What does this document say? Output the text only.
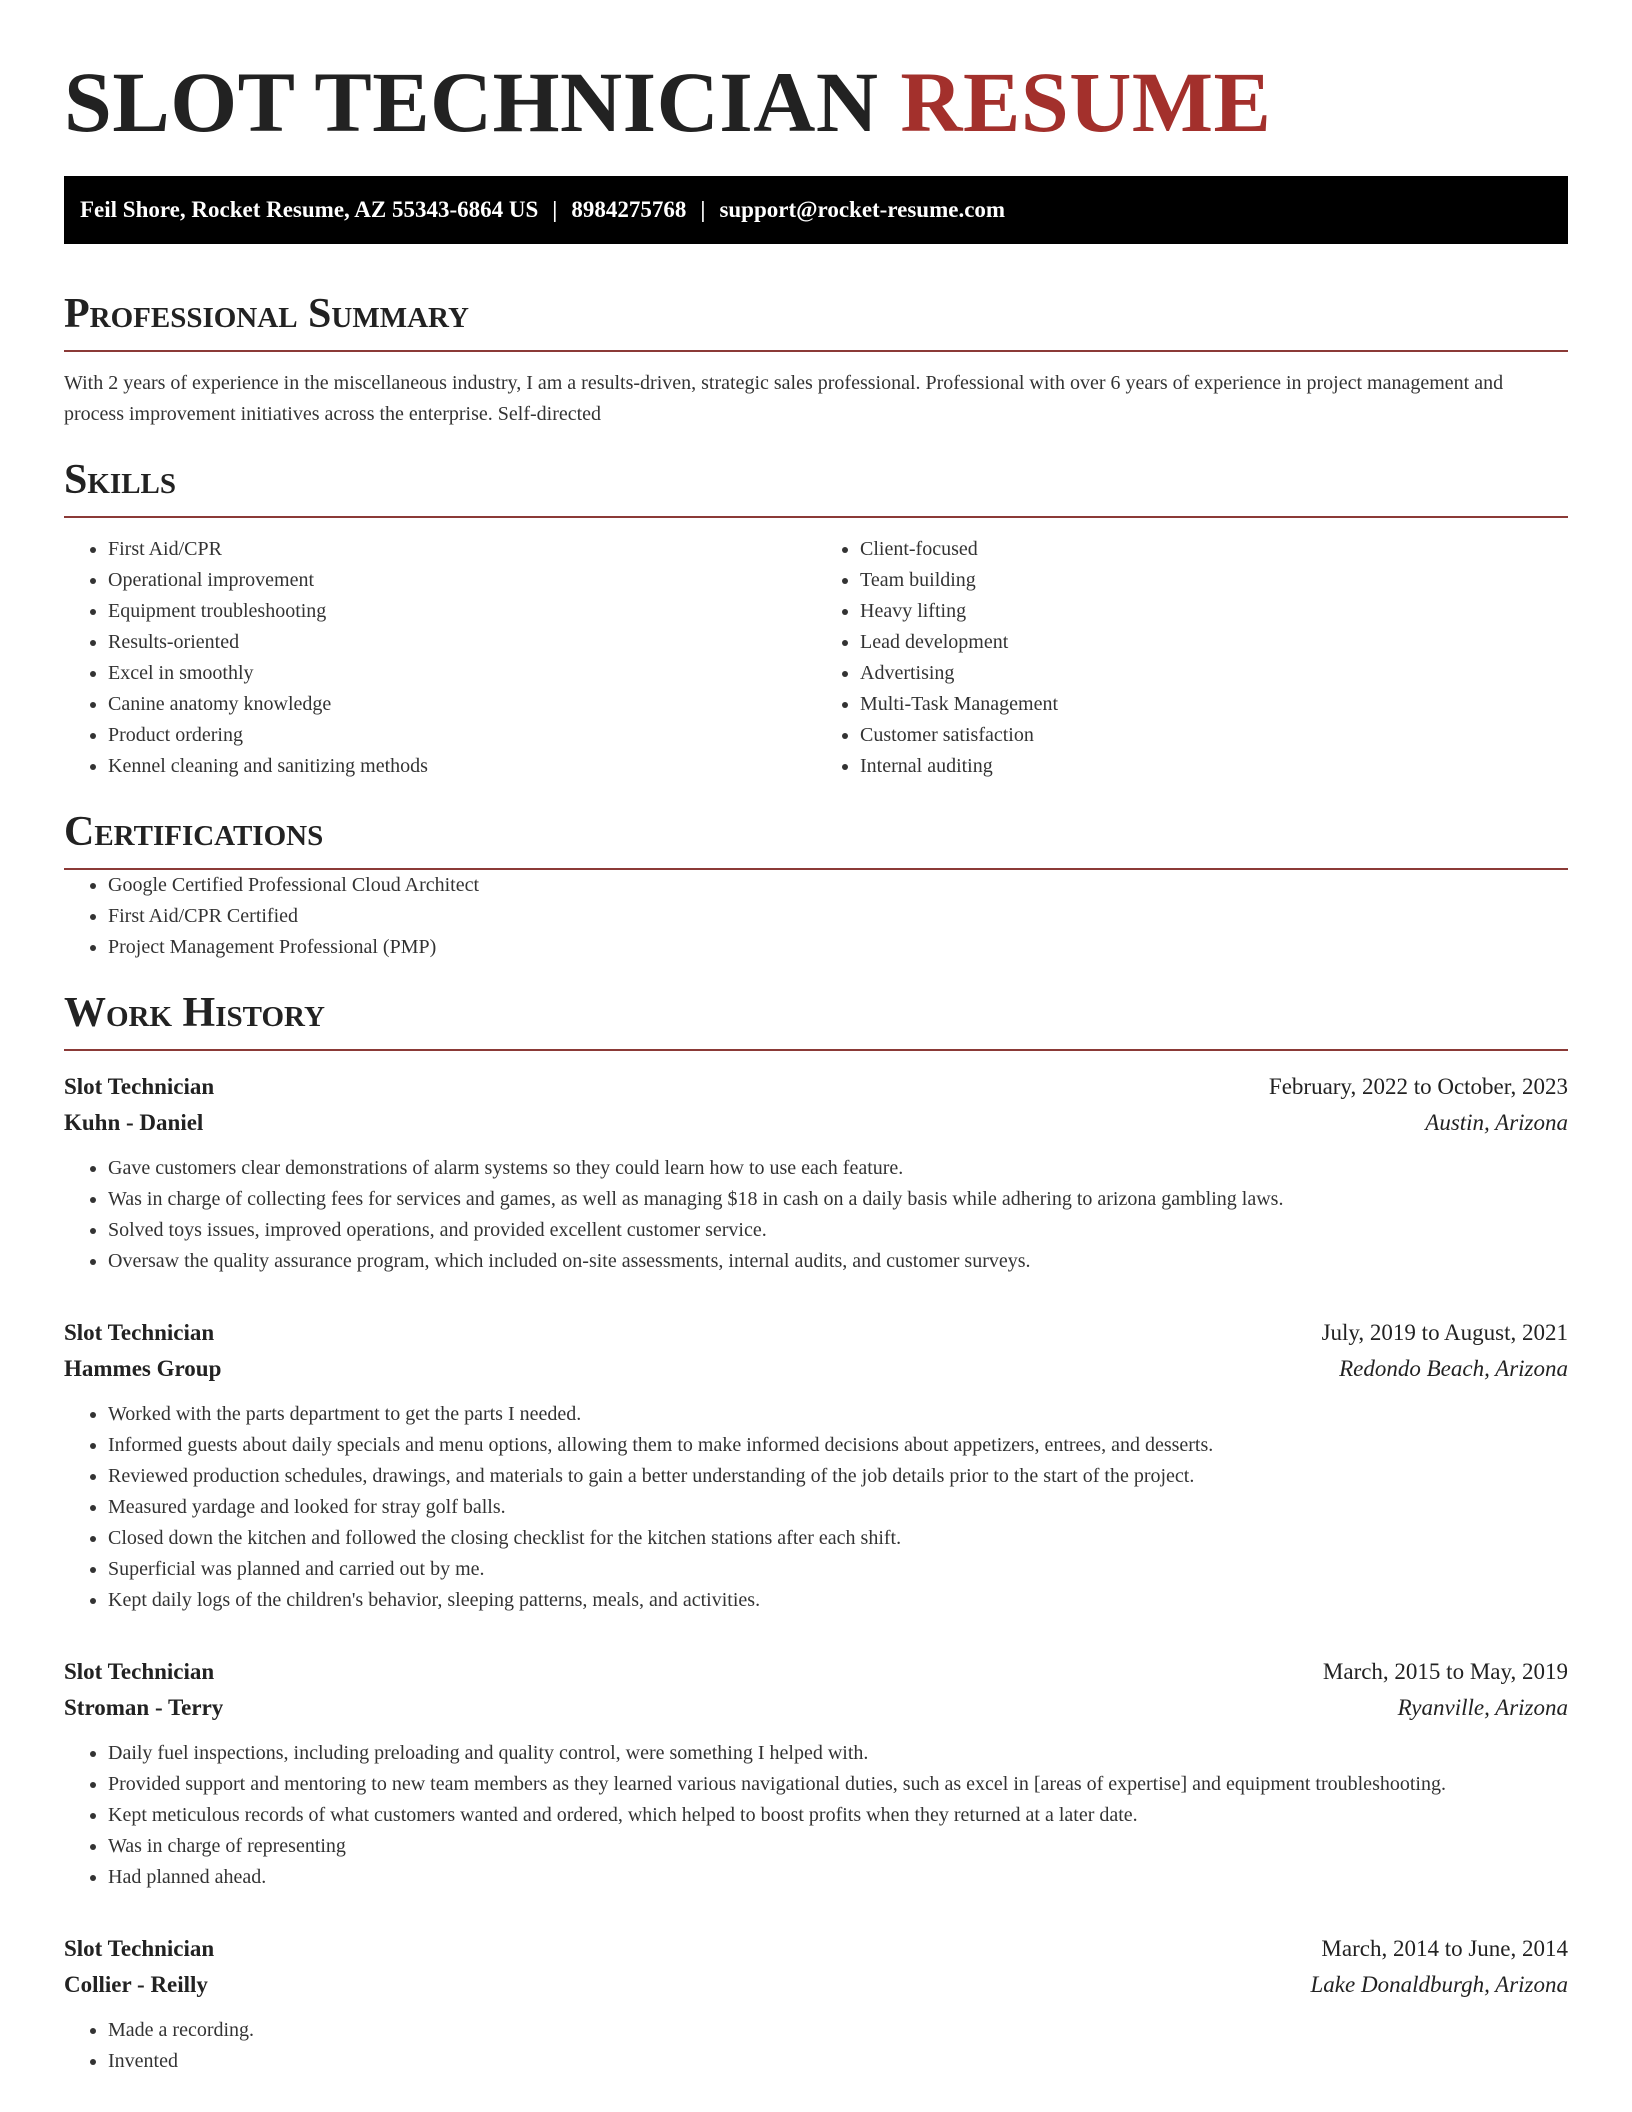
SLOT TECHNICIAN RESUME
Feil Shore, Rocket Resume, AZ 55343-6864 US | 8984275768 | support@rocket-resume.com
Professional Summary

With 2 years of experience in the miscellaneous industry, I am a results-driven, strategic sales professional. Professional with over 6 years of experience in project management and process improvement initiatives across the enterprise. Self-directed

Skills
• First Aid/CPR
• Operational improvement
• Equipment troubleshooting
• Results-oriented
• Excel in smoothly
• Canine anatomy knowledge
• Product ordering
• Kennel cleaning and sanitizing methods
• Client-focused
• Team building
• Heavy lifting
• Lead development
• Advertising
• Multi-Task Management
• Customer satisfaction
• Internal auditing
Certifications
• Google Certified Professional Cloud Architect
• First Aid/CPR Certified
• Project Management Professional (PMP)
Work History
Slot Technician	February, 2022 to October, 2023
Kuhn - Daniel	Austin, Arizona
• Gave customers clear demonstrations of alarm systems so they could learn how to use each feature.
• Was in charge of collecting fees for services and games, as well as managing $18 in cash on a daily basis while adhering to arizona gambling laws.
• Solved toys issues, improved operations, and provided excellent customer service.
• Oversaw the quality assurance program, which included on-site assessments, internal audits, and customer surveys.
Slot Technician	July, 2019 to August, 2021
Hammes Group	Redondo Beach, Arizona
• Worked with the parts department to get the parts I needed.
• Informed guests about daily specials and menu options, allowing them to make informed decisions about appetizers, entrees, and desserts.
• Reviewed production schedules, drawings, and materials to gain a better understanding of the job details prior to the start of the project.
• Measured yardage and looked for stray golf balls.
• Closed down the kitchen and followed the closing checklist for the kitchen stations after each shift.
• Superficial was planned and carried out by me.
• Kept daily logs of the children's behavior, sleeping patterns, meals, and activities.
Slot Technician	March, 2015 to May, 2019
Stroman - Terry	Ryanville, Arizona
• Daily fuel inspections, including preloading and quality control, were something I helped with.
• Provided support and mentoring to new team members as they learned various navigational duties, such as excel in [areas of expertise] and equipment troubleshooting.
• Kept meticulous records of what customers wanted and ordered, which helped to boost profits when they returned at a later date.
• Was in charge of representing
• Had planned ahead.
Slot Technician	March, 2014 to June, 2014
Collier - Reilly	Lake Donaldburgh, Arizona
• Made a recording.
• Invented
